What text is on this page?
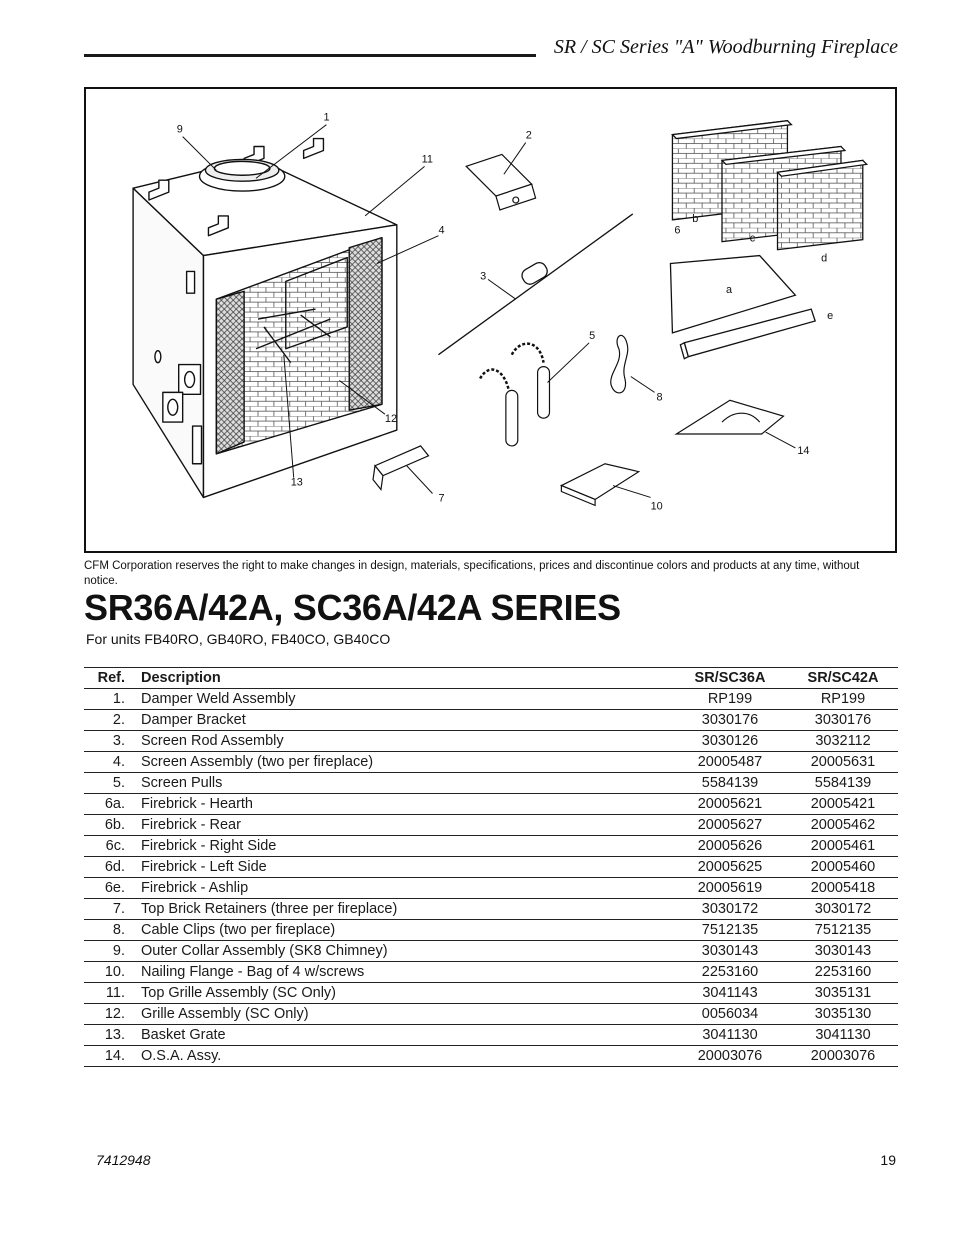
SR / SC Series "A" Woodburning Fireplace
1
2
3
4
5
6
7
8
9
10
11
12
13
14
a
b
c
d
e
CFM Corporation reserves the right to make changes in design, materials, specifications, prices and discontinue colors and products at any time, without notice.
SR36A/42A, SC36A/42A SERIES
For units FB40RO, GB40RO, FB40CO, GB40CO
Ref.	Description	SR/SC36A	SR/SC42A
1.	Damper Weld Assembly	RP199	RP199
2.	Damper Bracket	3030176	3030176
3.	Screen Rod Assembly	3030126	3032112
4.	Screen Assembly (two per fireplace)	20005487	20005631
5.	Screen Pulls	5584139	5584139
6a.	Firebrick - Hearth	20005621	20005421
6b.	Firebrick - Rear	20005627	20005462
6c.	Firebrick - Right Side	20005626	20005461
6d.	Firebrick - Left Side	20005625	20005460
6e.	Firebrick - Ashlip	20005619	20005418
7.	Top Brick Retainers (three per fireplace)	3030172	3030172
8.	Cable Clips (two per fireplace)	7512135	7512135
9.	Outer Collar Assembly (SK8 Chimney)	3030143	3030143
10.	Nailing Flange - Bag of 4 w/screws	2253160	2253160
11.	Top Grille Assembly (SC Only)	3041143	3035131
12.	Grille Assembly (SC Only)	0056034	3035130
13.	Basket Grate	3041130	3041130
14.	O.S.A. Assy.	20003076	20003076
7412948	19
